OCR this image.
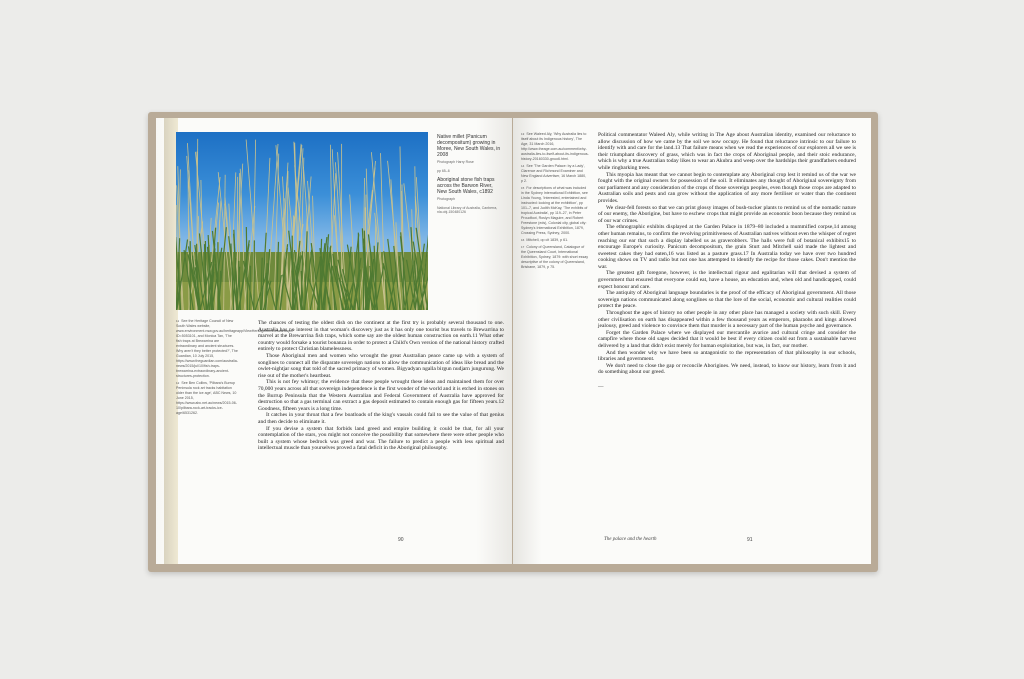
Native millet (Panicum decompositum) growing in Moree, New South Wales, in 2008

Photograph Harry Rose

pp 65–6

Aboriginal stone fish traps across the Barwon River, New South Wales, c1892

Photograph

National Library of Australia, Canberra, nla.obj-150480126

$^{11}$ See the Heritage Council of New South Wales website, www.environment.nsw.gov.au/heritageapp/ViewHeritageItemDetails.aspx?ID=5053101, and Monica Tan, 'The fish traps at Brewarrina are extraordinary and ancient structures. Why aren't they better protected?', The Guardian, 10 July 2015, https://www.theguardian.com/australia-news/2015/jul/10/fish-traps-brewarrina-extraordinary-ancient-structures-protection.

$^{12}$ See Ben Collins, 'Pilbara's Burrup Peninsula rock art tracks habitation older than the ice age', ABC News, 10 June 2015, https://www.abc.net.au/news/2015-06-10/pilbara-rock-art-tracks-ice-age/6531262.

The chances of testing the oldest dish on the continent at the first try is probably several thousand to one. Australia has no interest in that woman's discovery just as it has only one tourist bus travels to Brewarrina to marvel at the Brewarrina fish traps, which some say are the oldest human construction on earth.11 What other country would forsake a tourist bonanza in order to protect a Child's Own version of the national history crafted entirely to protect Christian blamelessness.

Those Aboriginal men and women who wrought the great Australian peace came up with a system of songlines to connect all the disparate sovereign nations to allow the communication of ideas like bread and the owlet-nightjar song that told of the sacred primacy of women. Bigyadyan ngalla birgun nudjarn jungurung. We rise out of the mother's heartbeat.

This is not fey whimsy; the evidence that these people wrought these ideas and maintained them for over 70,000 years across all that sovereign independence is the first wonder of the world and it is etched in stones on the Burrup Peninsula that the Western Australian and Federal Government of Australia have approved for destruction so that a gas terminal can extract a gas deposit estimated to contain enough gas for fifteen years.12 Goodness, fifteen years is a long time.

It catches in your throat that a few boatloads of the king's vassals could fail to see the value of that genius and then decide to eliminate it.

If you devise a system that forbids land greed and empire building it could be that, for all your contemplation of the stars, you might not conceive the possibility that somewhere there were other people who built a system whose bedrock was greed and war. The failure to predict a people with less spiritual and intellectual muscle than yourselves proved a fatal deficit in the Aboriginal philosophy.

90

$^{13}$ See Waleed Aly, 'Why Australia lies to itself about its Indigenous history', The Age, 31 March 2016, http://www.theage.com.au/comment/why-australia-lies-to-itself-about-its-indigenous-history-20160330-gnuo6.html.

$^{14}$ See 'The Garden Palace: by a Lady', Clarence and Richmond Examiner and New England Advertiser, 16 March 1880, p 2.

$^{15}$ For descriptions of what was included in the Sydney International Exhibition, see Linda Young, 'Interested, entertained and instructed: looking at the exhibition', pp 101–7, and Judith McKay, 'The exhibits of tropical Australia', pp 119–27, in Peter Proudfoot, Roslyn Maguire, and Robert Freestone (eds), Colonial city, global city: Sydney's International Exhibition, 1879, Crossing Press, Sydney, 2000.

$^{16}$ Mitchell, op cit 1839, p 61.

$^{17}$ Colony of Queensland, Catalogue of the Queensland Court, International Exhibition, Sydney, 1879: with short essay descriptive of the colony of Queensland, Brisbane, 1879, p 75.

Political commentator Waleed Aly, while writing in The Age about Australian identity, examined our reluctance to allow discussion of how we came by the soil we now occupy. He found that reluctance intrinsic to our failure to identify with and care for the land.13 That failure means when we read the experiences of our explorers all we see is their triumphant discovery of grass, which was in fact the crops of Aboriginal people, and their stoic endurance, which is why a true Australian today likes to wear an Akubra and weep over the hardships their grandfathers endured while ringbarking trees.

This myopia has meant that we cannot begin to contemplate any Aboriginal crop lest it remind us of the war we fought with the original owners for possession of the soil. It eliminates any thought of Aboriginal sovereignty from our parliament and any consideration of the crops of those sovereign peoples, even though those crops are adapted to Australian soils and pests and can grow without the application of any more fertiliser or water than the continent provides.

We clear-fell forests so that we can print glossy images of bush-tucker plants to remind us of the nomadic nature of our enemy, the Aborigine, but have to eschew crops that might provide an economic boon because they remind us of our war crimes.

The ethnographic exhibits displayed at the Garden Palace in 1879–80 included a mummified corpse,14 among other human remains, to confirm the revolving primitiveness of Australian natives without even the whisper of regret reaching our ear that such a display labelled us as graverobbers. The halls were full of botanical exhibits15 to encourage Europe's curiosity. Panicum decompositum, the grain Sturt and Mitchell said made the lightest and sweetest cakes they had eaten,16 was listed as a pasture grass.17 In Australia today we have over two hundred cooking shows on TV and radio but not one has attempted to identify the recipe for those cakes. Don't mention the war.

The greatest gift foregone, however, is the intellectual rigour and egalitarian will that devised a system of government that ensured that everyone could eat, have a house, an education and, when old and handicapped, could expect honour and care.

The antiquity of Aboriginal language boundaries is the proof of the efficacy of Aboriginal government. All those sovereign nations communicated along songlines so that the lore of the social, economic and cultural realities could protect the peace.

Throughout the ages of history no other people in any other place has managed a society with such skill. Every other civilisation on earth has disappeared within a few thousand years as emperors, pharaohs and kings allowed jealousy, greed and violence to convince them that murder is a necessary part of the human psyche and governance.

Forget the Garden Palace where we displayed our mercantile avarice and cultural cringe and consider the campfire where those old sages decided that it would be best if every citizen could eat from a sustainable harvest delivered by a land that didn't exist merely for human exploitation, but was, in fact, our mother.

And then wonder why we have been so antagonistic to the representation of that philosophy in our schools, libraries and government.

We don't need to close the gap or reconcile Aborigines. We need, instead, to know our history, learn from it and do something about our greed.

—

The palace and the hearth	91
